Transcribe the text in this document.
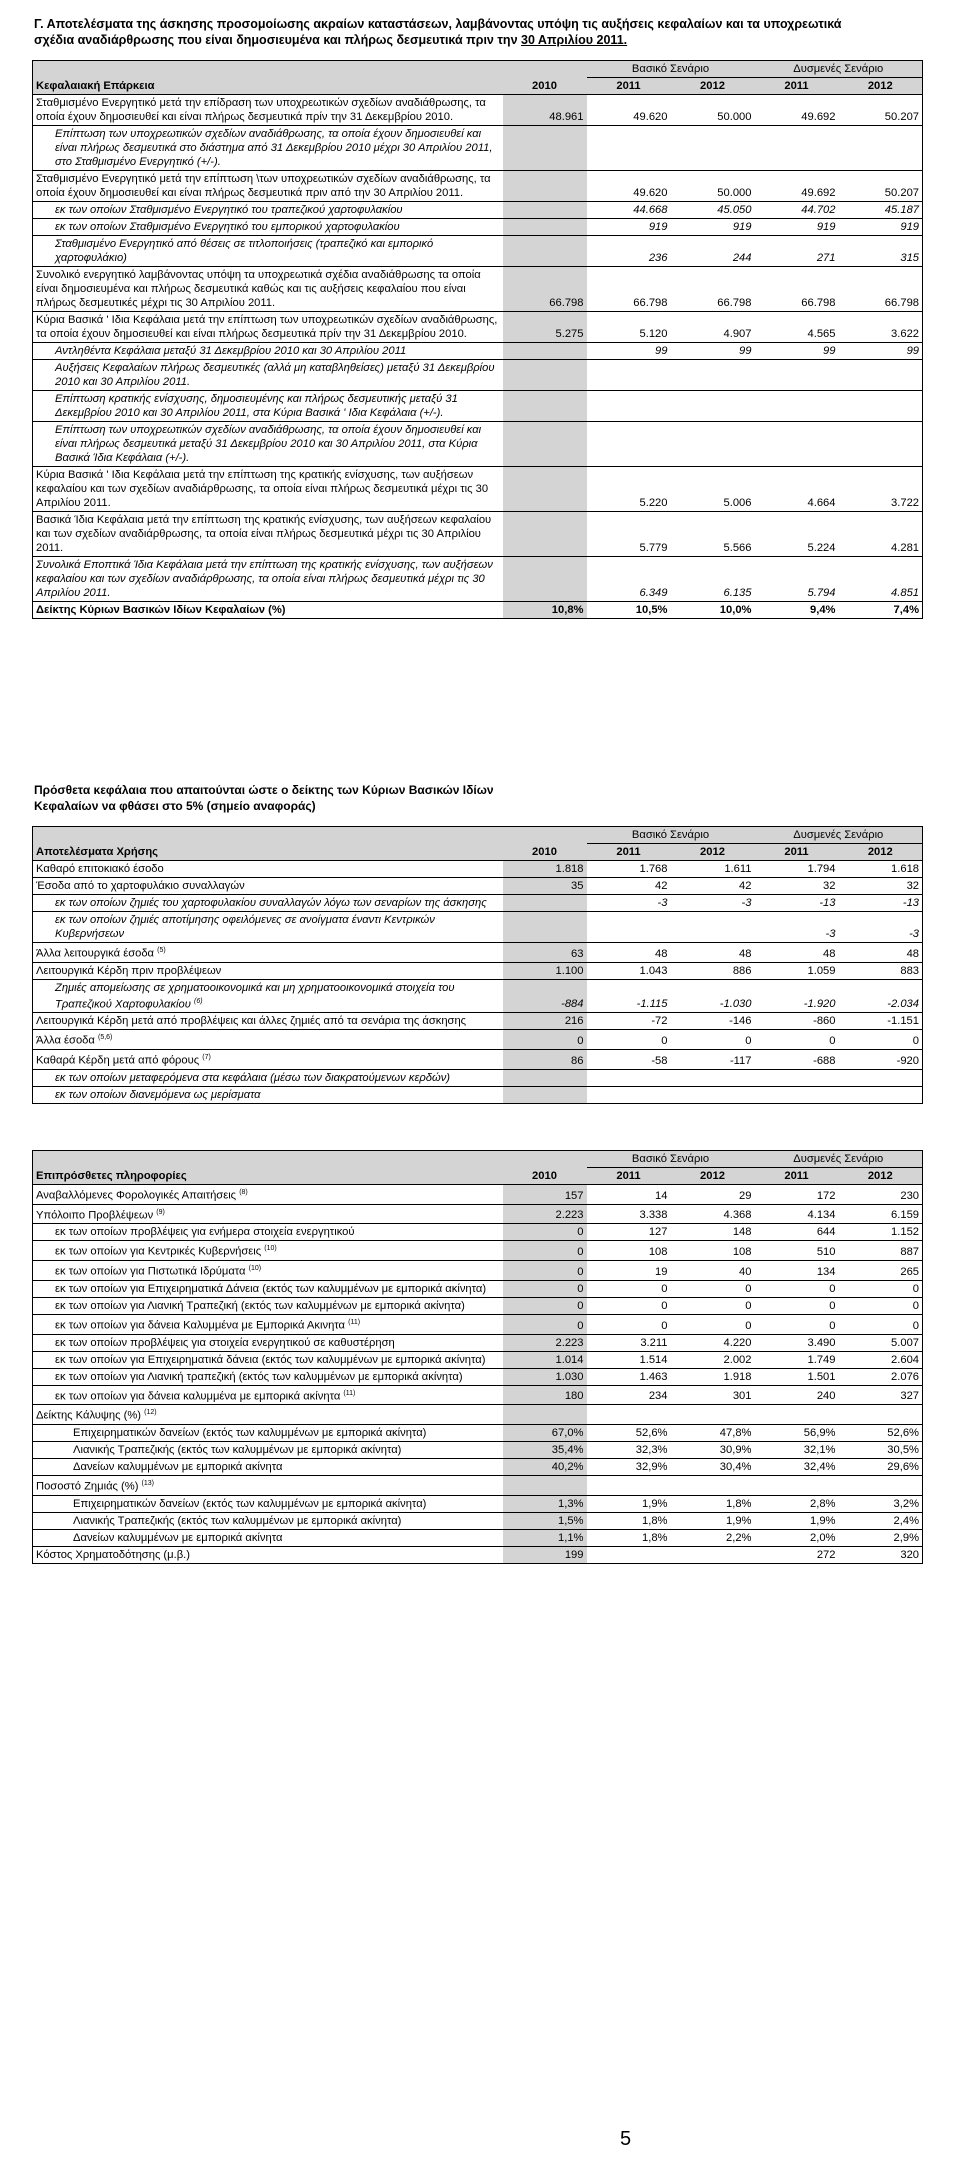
Γ. Αποτελέσματα της άσκησης προσομοίωσης ακραίων καταστάσεων, λαμβάνοντας υπόψη τις αυξήσεις κεφαλαίων και τα υποχρεωτικά
σχέδια αναδιάρθρωσης που είναι δημοσιευμένα και πλήρως δεσμευτικά πριν την 30 Απριλίου 2011.
		Βασικό Σενάριο		Δυσμενές Σενάριο	
Κεφαλαιακή Επάρκεια	2010	2011	2012	2011	2012
Σταθμισμένο Ενεργητικό μετά την επίδραση των υποχρεωτικών σχεδίων αναδιάθρωσης, τα οποία έχουν δημοσιευθεί και είναι πλήρως δεσμευτικά πρίν την 31 Δεκεμβρίου 2010.	48.961	49.620	50.000	49.692	50.207
Επίπτωση των υποχρεωτικών σχεδίων αναδιάθρωσης, τα οποία έχουν δημοσιευθεί και είναι πλήρως δεσμευτικά στο διάστημα από 31 Δεκεμβρίου 2010 μέχρι 30 Απριλίου 2011, στο Σταθμισμένο Ενεργητικό (+/-).					
Σταθμισμένο Ενεργητικό μετά την επίπτωση \των υποχρεωτικών σχεδίων αναδιάθρωσης, τα οποία έχουν δημοσιευθεί και είναι πλήρως δεσμευτικά πριν από την 30 Απριλίου 2011.		49.620	50.000	49.692	50.207
εκ των οποίων Σταθμισμένο Ενεργητικό του τραπεζικού χαρτοφυλακίου		44.668	45.050	44.702	45.187
εκ των οποίων Σταθμισμένο Ενεργητικό του εμπορικού χαρτοφυλακίου		919	919	919	919
Σταθμισμένο Ενεργητικό από θέσεις σε τιτλοποιήσεις (τραπεζικό και εμπορικό χαρτοφυλάκιο)		236	244	271	315
Συνολικό ενεργητικό λαμβάνοντας υπόψη τα υποχρεωτικά σχέδια αναδιάθρωσης τα οποία είναι δημοσιευμένα και πλήρως δεσμευτικά καθώς και τις αυξήσεις κεφαλαίου που είναι πλήρως δεσμευτικές μέχρι τις 30 Απριλίου 2011.	66.798	66.798	66.798	66.798	66.798
Κύρια Βασικά ' Ιδια Κεφάλαια μετά την επίπτωση των υποχρεωτικών σχεδίων αναδιάθρωσης, τα οποία έχουν δημοσιευθεί και είναι πλήρως δεσμευτικά πρίν την 31 Δεκεμβρίου 2010.	5.275	5.120	4.907	4.565	3.622
Αντληθέντα Κεφάλαια μεταξύ 31 Δεκεμβρίου 2010 και 30 Απριλίου 2011		99	99	99	99
Αυξήσεις Κεφαλαίων πλήρως δεσμευτικές (αλλά μη καταβληθείσες) μεταξύ 31 Δεκεμβρίου 2010 και 30 Απριλίου 2011.					
Επίπτωση κρατικής ενίσχυσης, δημοσιευμένης και πλήρως δεσμευτικής μεταξύ 31 Δεκεμβρίου 2010 και 30 Απριλίου 2011, στα Κύρια Βασικά ' Ιδια Κεφάλαια (+/-).					
Επίπτωση των υποχρεωτικών σχεδίων αναδιάθρωσης, τα οποία έχουν δημοσιευθεί και είναι πλήρως δεσμευτικά μεταξύ 31 Δεκεμβρίου 2010 και 30 Απριλίου 2011, στα Κύρια Βασικά Ίδια Κεφάλαια (+/-).					
Κύρια Βασικά ' Ιδια Κεφάλαια μετά την επίπτωση της κρατικής ενίσχυσης, των αυξήσεων κεφαλαίου και των σχεδίων αναδιάρθρωσης, τα οποία είναι πλήρως δεσμευτικά μέχρι τις 30 Απριλίου 2011.		5.220	5.006	4.664	3.722
Βασικά Ίδια Κεφάλαια μετά την επίπτωση της κρατικής ενίσχυσης, των αυξήσεων κεφαλαίου και των σχεδίων αναδιάρθρωσης, τα οποία είναι πλήρως δεσμευτικά μέχρι τις 30 Απριλίου 2011.		5.779	5.566	5.224	4.281
Συνολικά Εποπτικά Ίδια Κεφάλαια μετά την επίπτωση της κρατικής ενίσχυσης, των αυξήσεων κεφαλαίου και των σχεδίων αναδιάρθρωσης, τα οποία είναι πλήρως δεσμευτικά μέχρι τις 30 Απριλίου 2011.		6.349	6.135	5.794	4.851
Δείκτης Κύριων Βασικών Ιδίων Κεφαλαίων (%)	10,8%	10,5%	10,0%	9,4%	7,4%
Πρόσθετα κεφάλαια που απαιτούνται ώστε ο δείκτης των Κύριων Βασικών Ιδίων Κεφαλαίων να φθάσει στο 5% (σημείο αναφοράς)
		Βασικό Σενάριο		Δυσμενές Σενάριο	
Αποτελέσματα Χρήσης	2010	2011	2012	2011	2012
Καθαρό επιτοκιακό έσοδο	1.818	1.768	1.611	1.794	1.618
Έσοδα από το χαρτοφυλάκιο συναλλαγών	35	42	42	32	32
εκ των οποίων ζημιές του χαρτοφυλακίου συναλλαγών λόγω των σεναρίων της άσκησης		-3	-3	-13	-13
εκ των οποίων ζημιές αποτίμησης οφειλόμενες σε ανοίγματα έναντι Κεντρικών Κυβερνήσεων				-3	-3
Άλλα λειτουργικά έσοδα $^{(5)}$	63	48	48	48	48
Λειτουργικά Κέρδη πριν προβλέψεων	1.100	1.043	886	1.059	883
Ζημιές απομείωσης σε χρηματοοικονομικά και μη χρηματοοικονομικά στοιχεία του Τραπεζικού Χαρτοφυλακίου $^{(6)}$	-884	-1.115	-1.030	-1.920	-2.034
Λειτουργικά Κέρδη μετά από προβλέψεις και άλλες ζημιές από τα σενάρια της άσκησης	216	-72	-146	-860	-1.151
Άλλα έσοδα $^{(5,6)}$	0	0	0	0	0
Καθαρά Κέρδη μετά από φόρους $^{(7)}$	86	-58	-117	-688	-920
εκ των οποίων μεταφερόμενα στα κεφάλαια (μέσω των διακρατούμενων κερδών)					
εκ των οποίων διανεμόμενα ως μερίσματα					
		Βασικό Σενάριο		Δυσμενές Σενάριο	
Επιπρόσθετες πληροφορίες	2010	2011	2012	2011	2012
Αναβαλλόμενες Φορολογικές Απαιτήσεις $^{(8)}$	157	14	29	172	230
Υπόλοιπο Προβλέψεων $^{(9)}$	2.223	3.338	4.368	4.134	6.159
εκ των οποίων προβλέψεις για ενήμερα στοιχεία ενεργητικού	0	127	148	644	1.152
εκ των οποίων για Κεντρικές Κυβερνήσεις $^{(10)}$	0	108	108	510	887
εκ των οποίων για Πιστωτικά Ιδρύματα $^{(10)}$	0	19	40	134	265
εκ των οποίων για Επιχειρηματικά Δάνεια (εκτός των καλυμμένων με εμπορικά ακίνητα)	0	0	0	0	0
εκ των οποίων για Λιανική Τραπεζική (εκτός των καλυμμένων με εμπορικά ακίνητα)	0	0	0	0	0
εκ των οποίων για δάνεια Καλυμμένα με Εμπορικά Ακινητα $^{(11)}$	0	0	0	0	0
εκ των οποίων προβλέψεις για στοιχεία ενεργητικού σε καθυστέρηση	2.223	3.211	4.220	3.490	5.007
εκ των οποίων για Επιχειρηματικά δάνεια (εκτός των καλυμμένων με εμπορικά ακίνητα)	1.014	1.514	2.002	1.749	2.604
εκ των οποίων για Λιανική τραπεζική (εκτός των καλυμμένων με εμπορικά ακίνητα)	1.030	1.463	1.918	1.501	2.076
εκ των οποίων για δάνεια καλυμμένα με εμπορικά ακίνητα $^{(11)}$	180	234	301	240	327
Δείκτης Κάλυψης (%) $^{(12)}$					
Επιχειρηματικών δανείων (εκτός των καλυμμένων με εμπορικά ακίνητα)	67,0%	52,6%	47,8%	56,9%	52,6%
Λιανικής Τραπεζικής (εκτός των καλυμμένων με εμπορικά ακίνητα)	35,4%	32,3%	30,9%	32,1%	30,5%
Δανείων καλυμμένων με εμπορικά ακίνητα	40,2%	32,9%	30,4%	32,4%	29,6%
Ποσοστό Ζημιάς (%) $^{(13)}$					
Επιχειρηματικών δανείων (εκτός των καλυμμένων με εμπορικά ακίνητα)	1,3%	1,9%	1,8%	2,8%	3,2%
Λιανικής Τραπεζικής (εκτός των καλυμμένων με εμπορικά ακίνητα)	1,5%	1,8%	1,9%	1,9%	2,4%
Δανείων καλυμμένων με εμπορικά ακίνητα	1,1%	1,8%	2,2%	2,0%	2,9%
Κόστος Χρηματοδότησης (μ.β.)	199			272	320
5
